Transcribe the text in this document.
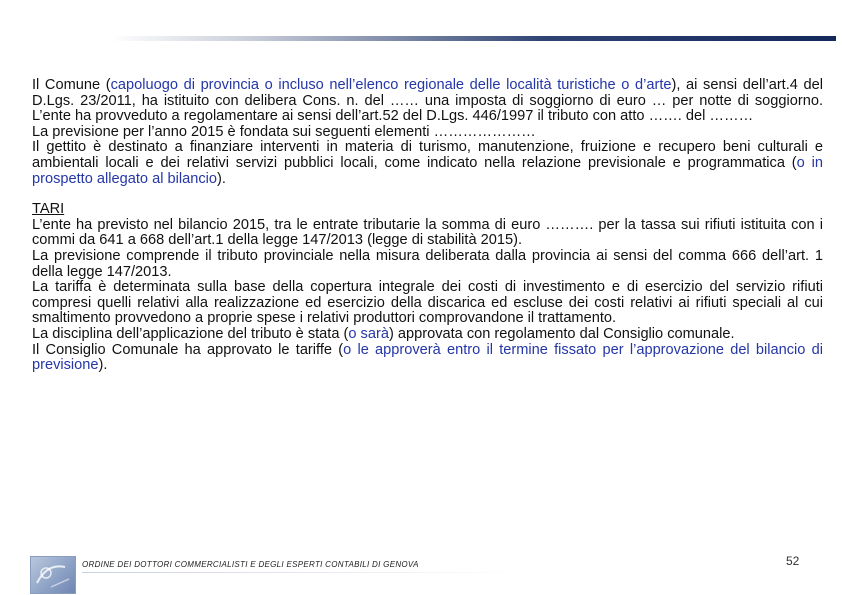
Il Comune (capoluogo di provincia o incluso nell’elenco regionale delle località turistiche o d’arte), ai sensi dell’art.4 del D.Lgs. 23/2011, ha istituito con delibera Cons. n. del …… una imposta di soggiorno di euro … per notte di soggiorno. L’ente ha provveduto a regolamentare ai sensi dell’art.52 del D.Lgs. 446/1997 il tributo con atto ……. del ………
La previsione per l’anno 2015 è fondata sui seguenti elementi …………………
Il gettito è destinato a finanziare interventi in materia di turismo, manutenzione, fruizione e recupero beni culturali e ambientali locali e dei relativi servizi pubblici locali, come indicato nella relazione previsionale e programmatica (o in prospetto allegato al bilancio).
TARI
L’ente ha previsto nel bilancio 2015, tra le entrate tributarie la somma di euro ………. per la tassa sui rifiuti istituita con i commi da 641 a 668 dell’art.1 della legge 147/2013 (legge di stabilità 2015).
La previsione comprende il tributo provinciale nella misura deliberata dalla provincia ai sensi del comma 666 dell’art. 1 della legge 147/2013.
La tariffa è determinata sulla base della copertura integrale dei costi di investimento e di esercizio del servizio rifiuti compresi quelli relativi alla realizzazione ed esercizio della discarica ed escluse dei costi relativi ai rifiuti speciali al cui smaltimento provvedono a proprie spese i relativi produttori comprovandone il trattamento.
La disciplina dell’applicazione del tributo è stata (o sarà) approvata con regolamento dal Consiglio comunale.
Il Consiglio Comunale ha approvato le tariffe (o le approverà entro il termine fissato per l’approvazione del bilancio di previsione).
ORDINE DEI DOTTORI COMMERCIALISTI E DEGLI ESPERTI CONTABILI DI GENOVA	52
